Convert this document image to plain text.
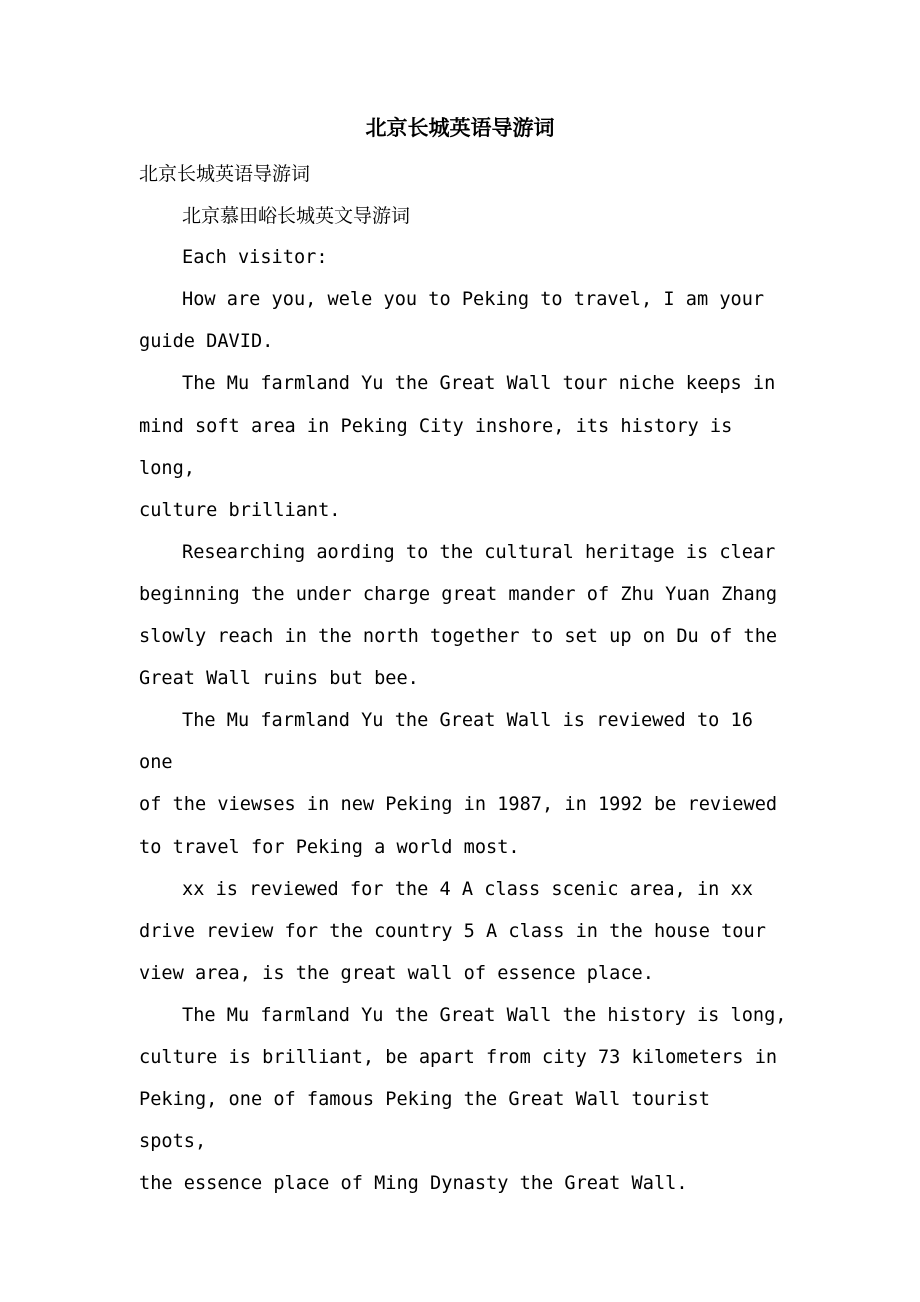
北京长城英语导游词

北京长城英语导游词

北京慕田峪长城英文导游词

Each visitor:

How are you, wele you to Peking to travel, I am your
guide DAVID.

The Mu farmland Yu the Great Wall tour niche keeps in
mind soft area in Peking City inshore, its history is long,
culture brilliant.

Researching aording to the cultural heritage is clear
beginning the under charge great mander of Zhu Yuan Zhang
slowly reach in the north together to set up on Du of the
Great Wall ruins but bee.

The Mu farmland Yu the Great Wall is reviewed to 16 one
of the viewses in new Peking in 1987, in 1992 be reviewed
to travel for Peking a world most.

xx is reviewed for the 4 A class scenic area, in xx
drive review for the country 5 A class in the house tour
view area, is the great wall of essence place.

The Mu farmland Yu the Great Wall the history is long,
culture is brilliant, be apart from city 73 kilometers in
Peking, one of famous Peking the Great Wall tourist spots,
the essence place of Ming Dynasty the Great Wall.
